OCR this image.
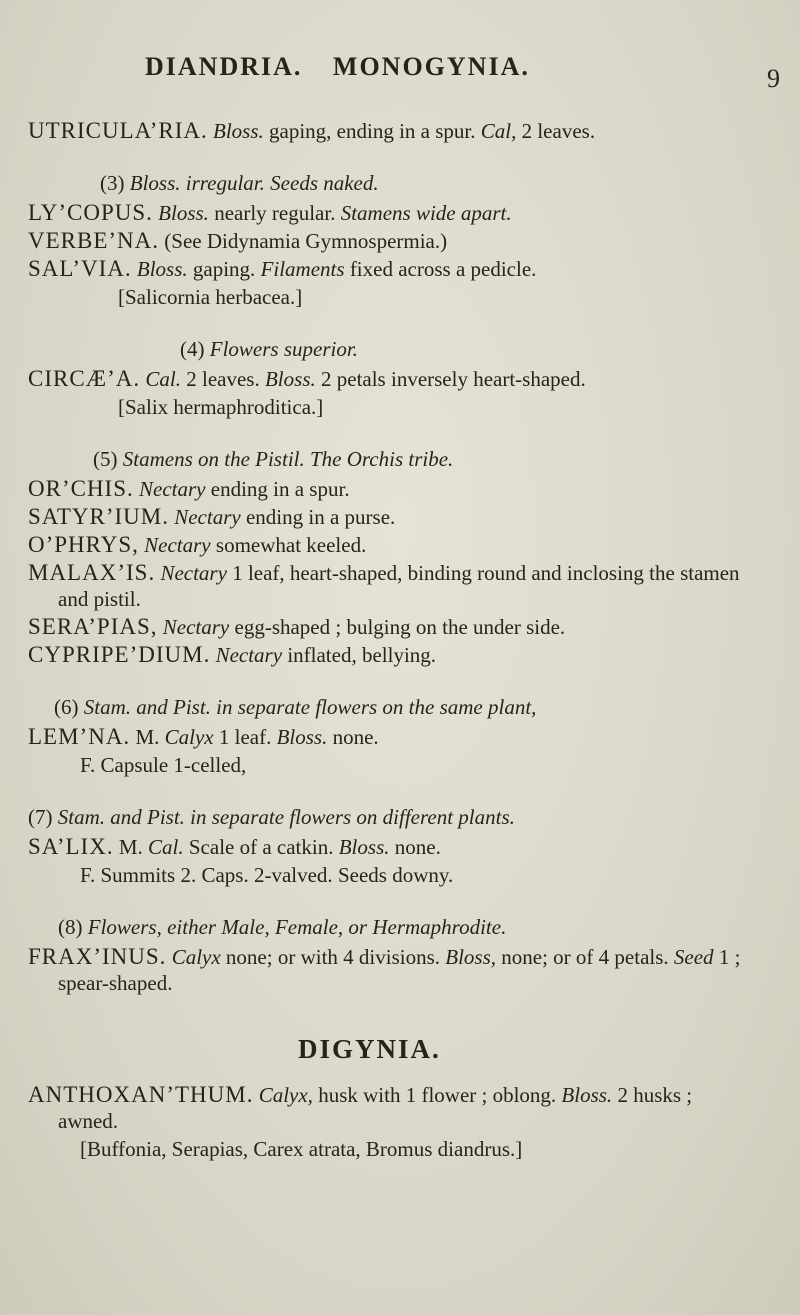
DIANDRIA. MONOGYNIA.	9

UTRICULA’RIA. Bloss. gaping, ending in a spur. Cal, 2 leaves.

(3) Bloss. irregular. Seeds naked.

LY’COPUS. Bloss. nearly regular. Stamens wide apart.

VERBE’NA. (See Didynamia Gymnospermia.)

SAL’VIA. Bloss. gaping. Filaments fixed across a pedicle.

[Salicornia herbacea.]

(4) Flowers superior.

CIRCÆ’A. Cal. 2 leaves. Bloss. 2 petals inversely heart-shaped.

[Salix hermaphroditica.]

(5) Stamens on the Pistil. The Orchis tribe.

OR’CHIS. Nectary ending in a spur.

SATYR’IUM. Nectary ending in a purse.

O’PHRYS, Nectary somewhat keeled.

MALAX’IS. Nectary 1 leaf, heart-shaped, binding round and inclosing the stamen and pistil.

SERA’PIAS, Nectary egg-shaped ; bulging on the under side.

CYPRIPE’DIUM. Nectary inflated, bellying.

(6) Stam. and Pist. in separate flowers on the same plant,

LEM’NA. M. Calyx 1 leaf. Bloss. none.

F. Capsule 1-celled,

(7) Stam. and Pist. in separate flowers on different plants.

SA’LIX. M. Cal. Scale of a catkin. Bloss. none.

F. Summits 2. Caps. 2-valved. Seeds downy.

(8) Flowers, either Male, Female, or Hermaphrodite.

FRAX’INUS. Calyx none; or with 4 divisions. Bloss, none; or of 4 petals. Seed 1 ; spear-shaped.

DIGYNIA.

ANTHOXAN’THUM. Calyx, husk with 1 flower ; oblong. Bloss. 2 husks ; awned.

[Buffonia, Serapias, Carex atrata, Bromus diandrus.]
